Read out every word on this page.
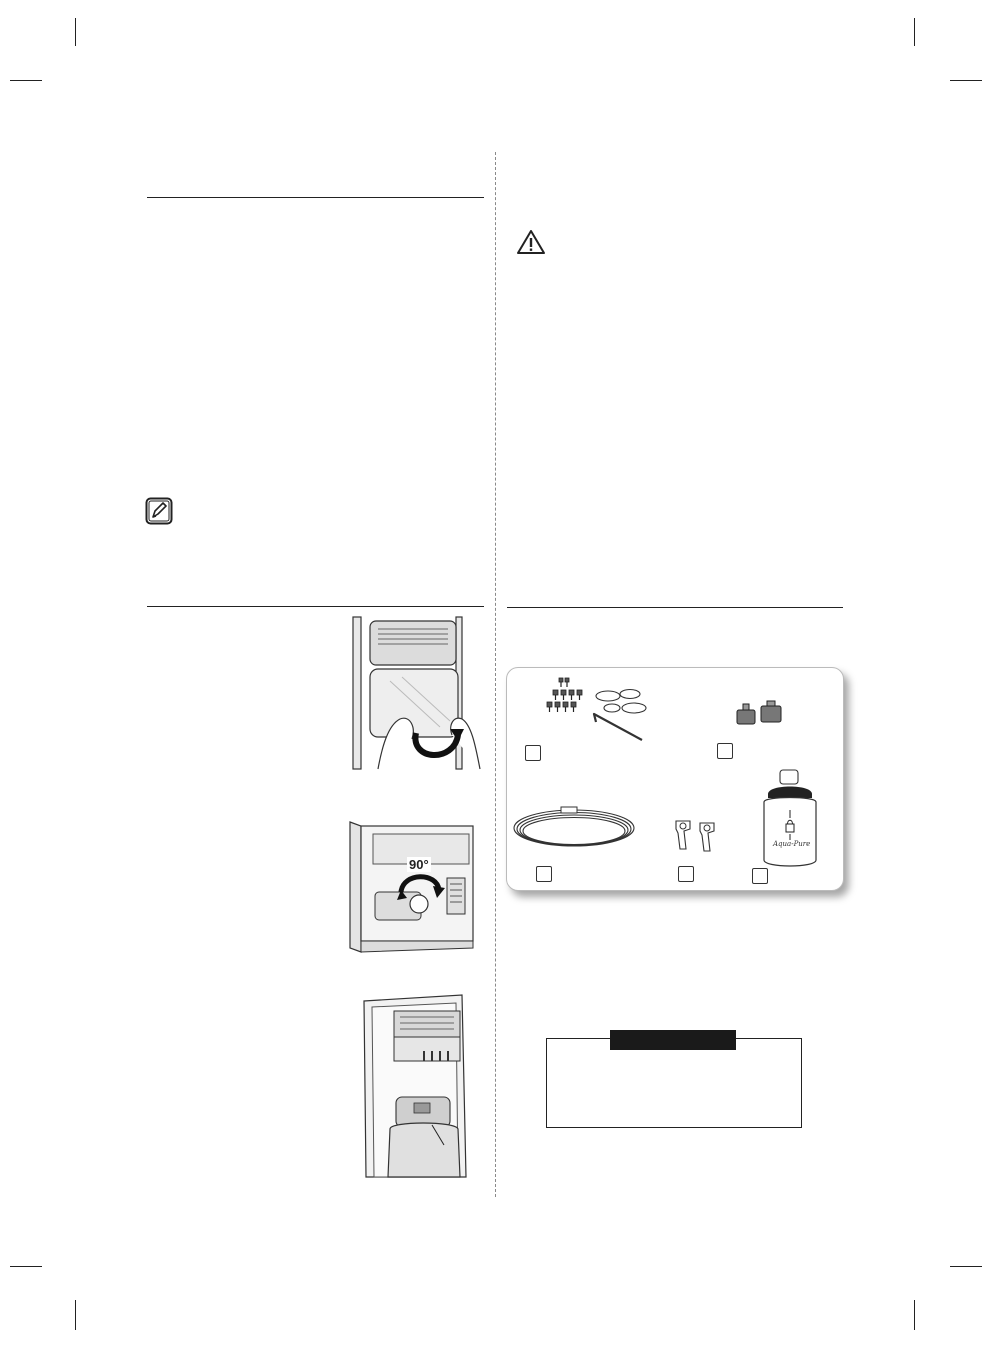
90°
Aqua-Pure
